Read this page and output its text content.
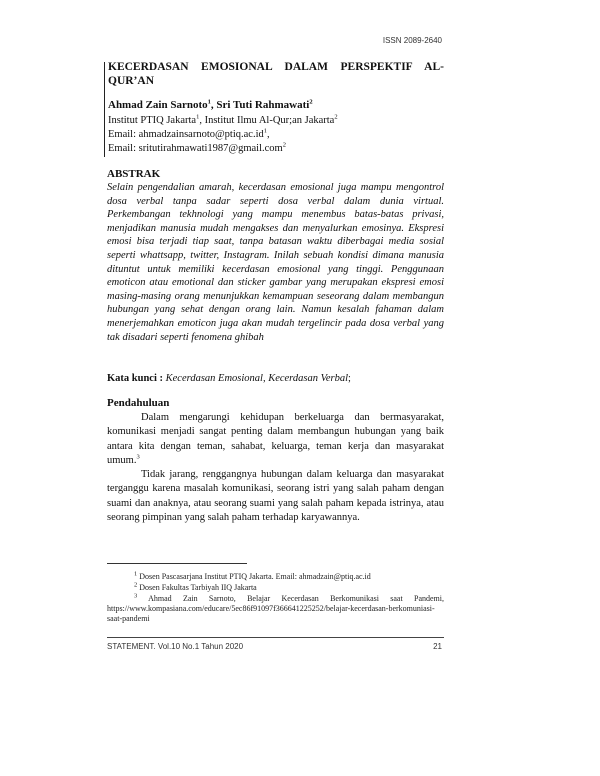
ISSN 2089-2640
KECERDASAN EMOSIONAL DALAM PERSPEKTIF AL-
QUR’AN
Ahmad Zain Sarnoto$^1$, Sri Tuti Rahmawati$^2$
Institut PTIQ Jakarta$^1$, Institut Ilmu Al-Qur;an Jakarta$^2$
Email: $ahmadzainsarnoto@ptiq.ac.id^1$,
Email: sritutirahmawati1987@gmail.com$^2$
ABSTRAK
Selain pengendalian amarah, kecerdasan emosional juga mampu mengontrol dosa verbal tanpa sadar seperti dosa verbal dalam dunia virtual. Perkembangan tekhnologi yang mampu menembus batas-batas privasi, menjadikan manusia mudah mengakses dan menyalurkan emosinya. Ekspresi emosi bisa terjadi tiap saat, tanpa batasan waktu diberbagai media sosial seperti whattsapp, twitter, Instagram. Inilah sebuah kondisi dimana manusia dituntut untuk memiliki kecerdasan emosional yang tinggi. Penggunaan emoticon atau emotional dan sticker gambar yang merupakan ekspresi emosi masing-masing orang menunjukkan kemampuan seseorang dalam membangun hubungan yang sehat dengan orang lain. Namun kesalah fahaman dalam menerjemahkan emoticon juga akan mudah tergelincir pada dosa verbal yang tak disadari seperti fenomena ghibah
Kata kunci : Kecerdasan Emosional, Kecerdasan Verbal;
Pendahuluan
Dalam mengarungi kehidupan berkeluarga dan bermasyarakat, komunikasi menjadi sangat penting dalam membangun hubungan yang baik antara kita dengan teman, sahabat, keluarga, teman kerja dan masyarakat umum.$^3$
Tidak jarang, renggangnya hubungan dalam keluarga dan masyarakat terganggu karena masalah komunikasi, seorang istri yang salah paham dengan suami dan anaknya, atau seorang suami yang salah paham kepada istrinya, atau seorang pimpinan yang salah paham terhadap karyawannya.
$^1$ Dosen Pascasarjana Institut PTIQ Jakarta. Email: ahmadzain@ptiq.ac.id
$^2$ Dosen Fakultas Tarbiyah IIQ Jakarta
$^3$ Ahmad Zain Sarnoto, Belajar Kecerdasan Berkomunikasi saat Pandemi, https://www.kompasiana.com/educare/5ec86f91097f366641225252/belajar-kecerdasan-berkomuniasi-saat-pandemi
STATEMENT. Vol.10 No.1 Tahun 2020	21
